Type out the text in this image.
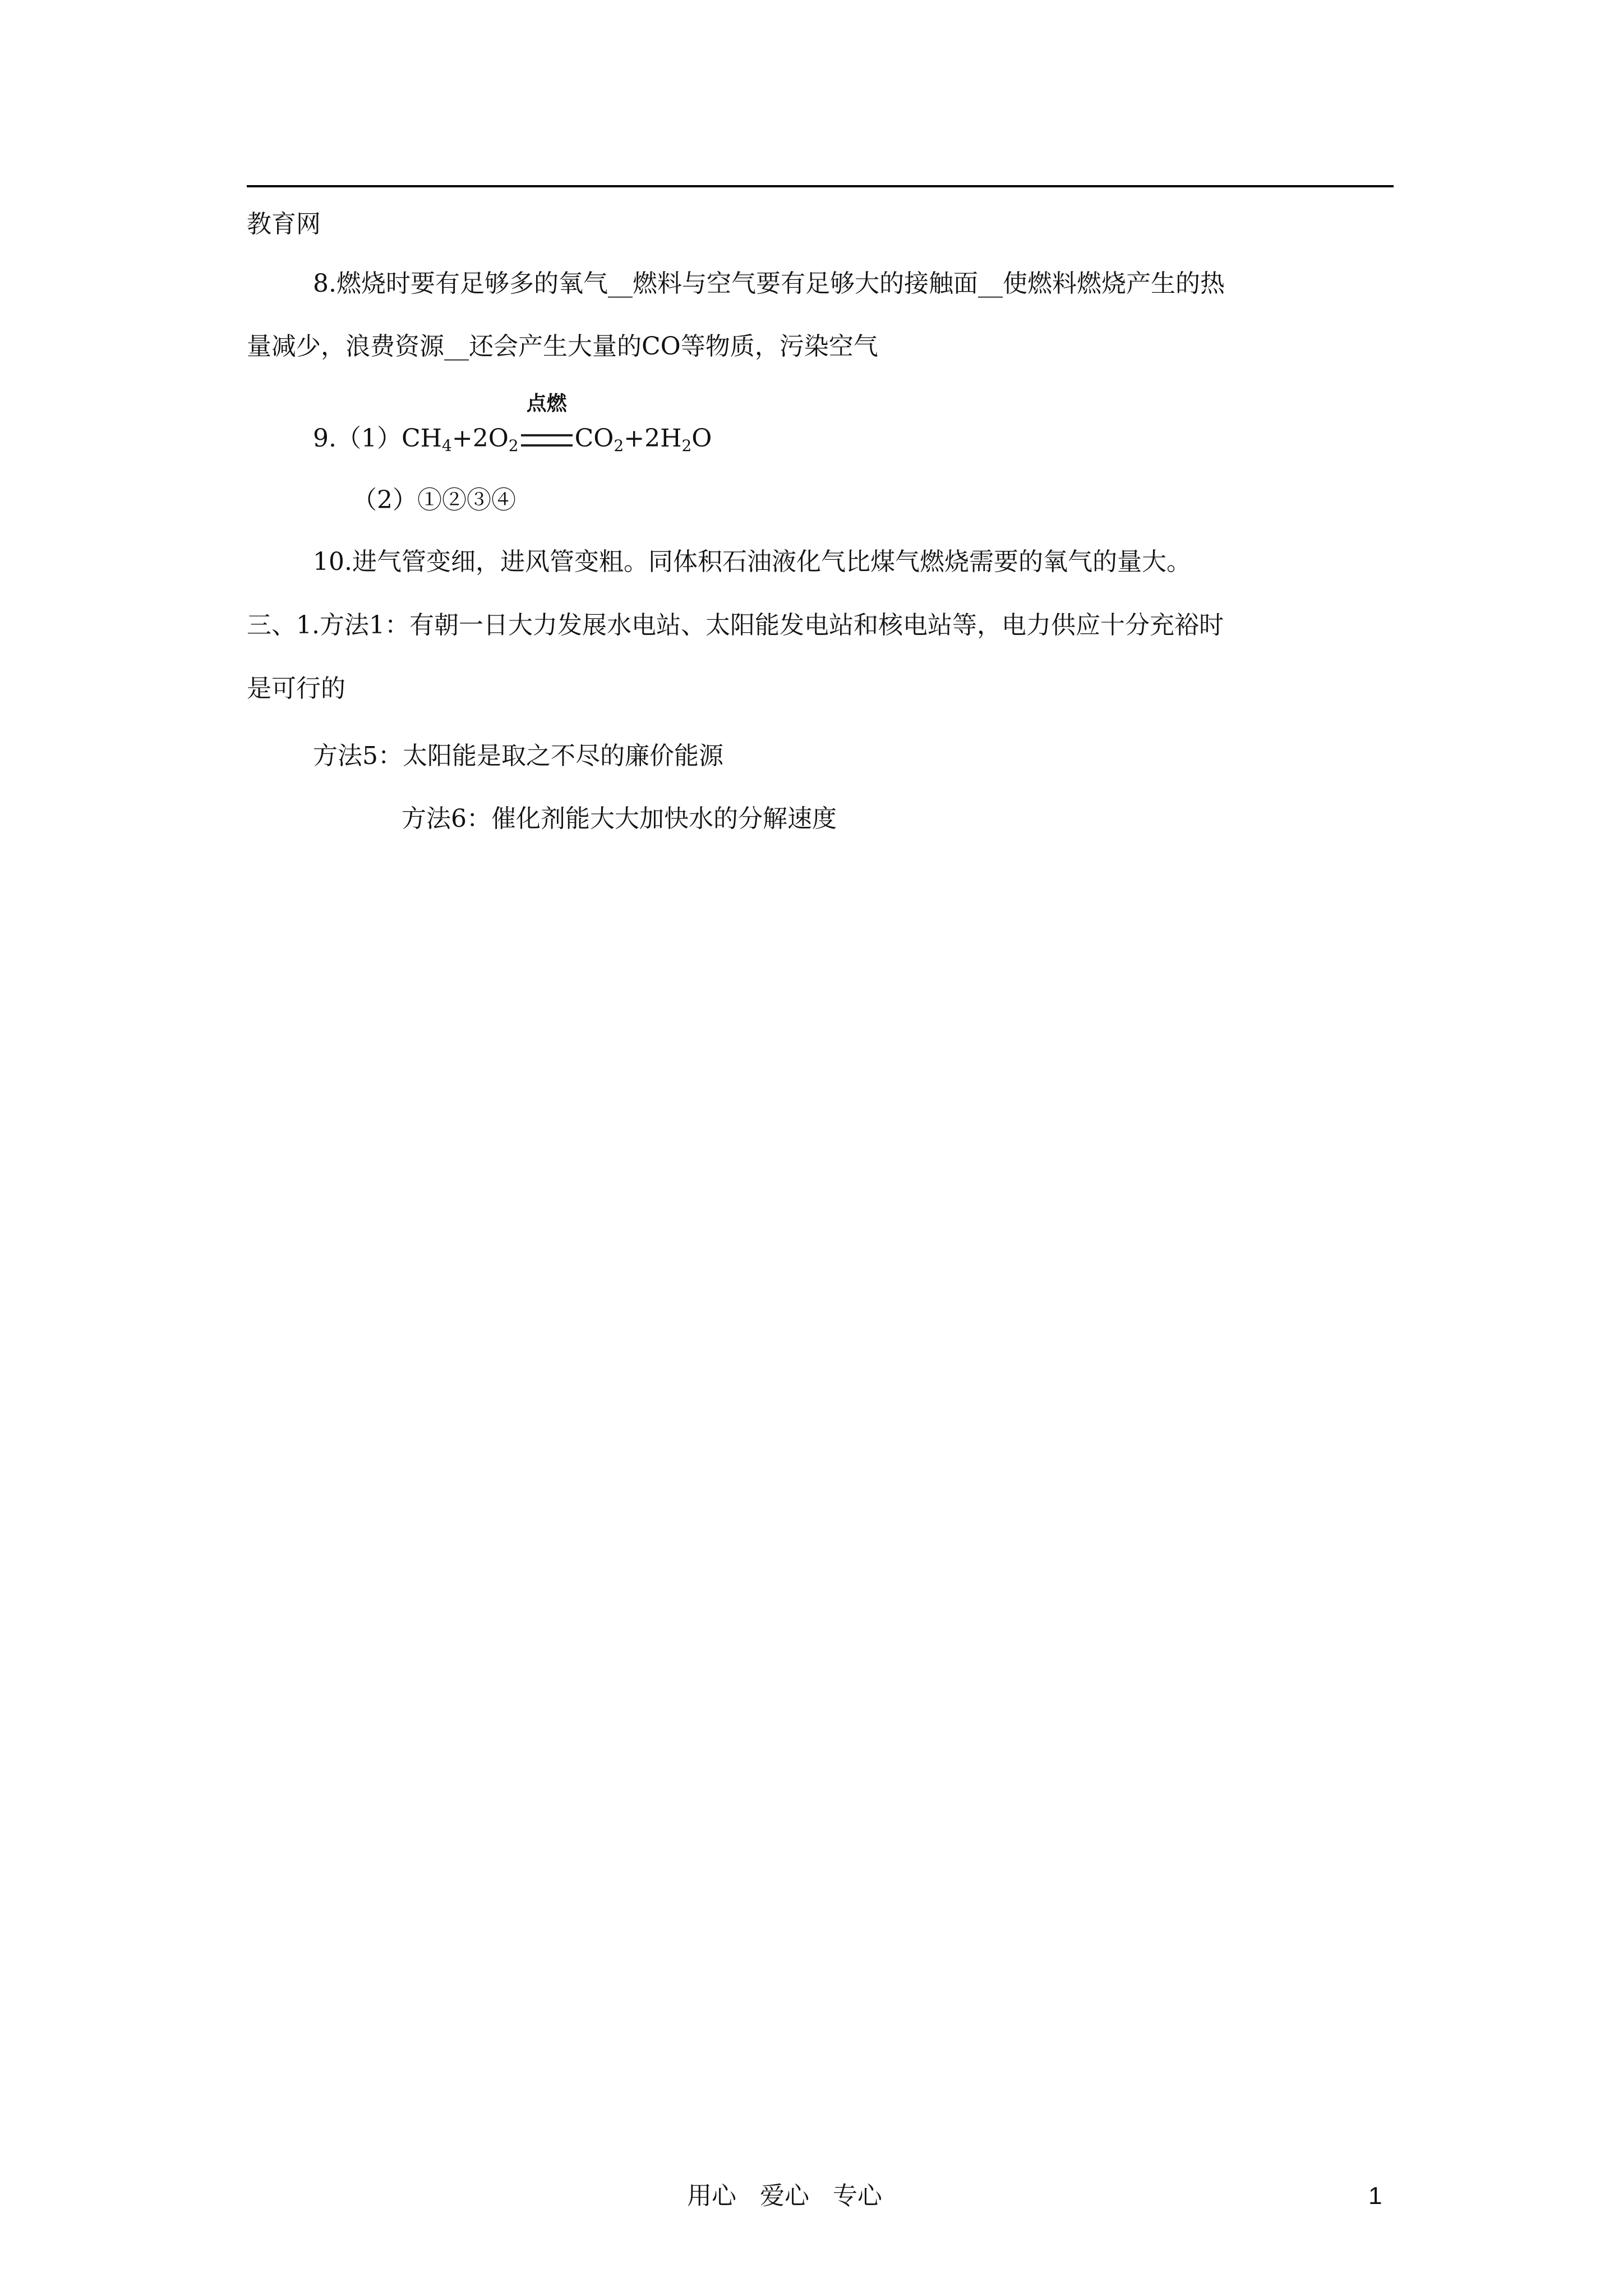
教育网
8.燃烧时要有足够多的氧气__燃料与空气要有足够大的接触面__使燃料燃烧产生的热
量减少，浪费资源__还会产生大量的CO等物质，污染空气
$9.(1)CH_4+2O_2$
点燃
$CO_2+2H_2O$
（2）①②③④
10.进气管变细，进风管变粗。同体积石油液化气比煤气燃烧需要的氧气的量大。
三、1.方法1：有朝一日大力发展水电站、太阳能发电站和核电站等，电力供应十分充裕时
是可行的
方法5：太阳能是取之不尽的廉价能源
方法6：催化剂能大大加快水的分解速度
用心   爱心   专心	1
